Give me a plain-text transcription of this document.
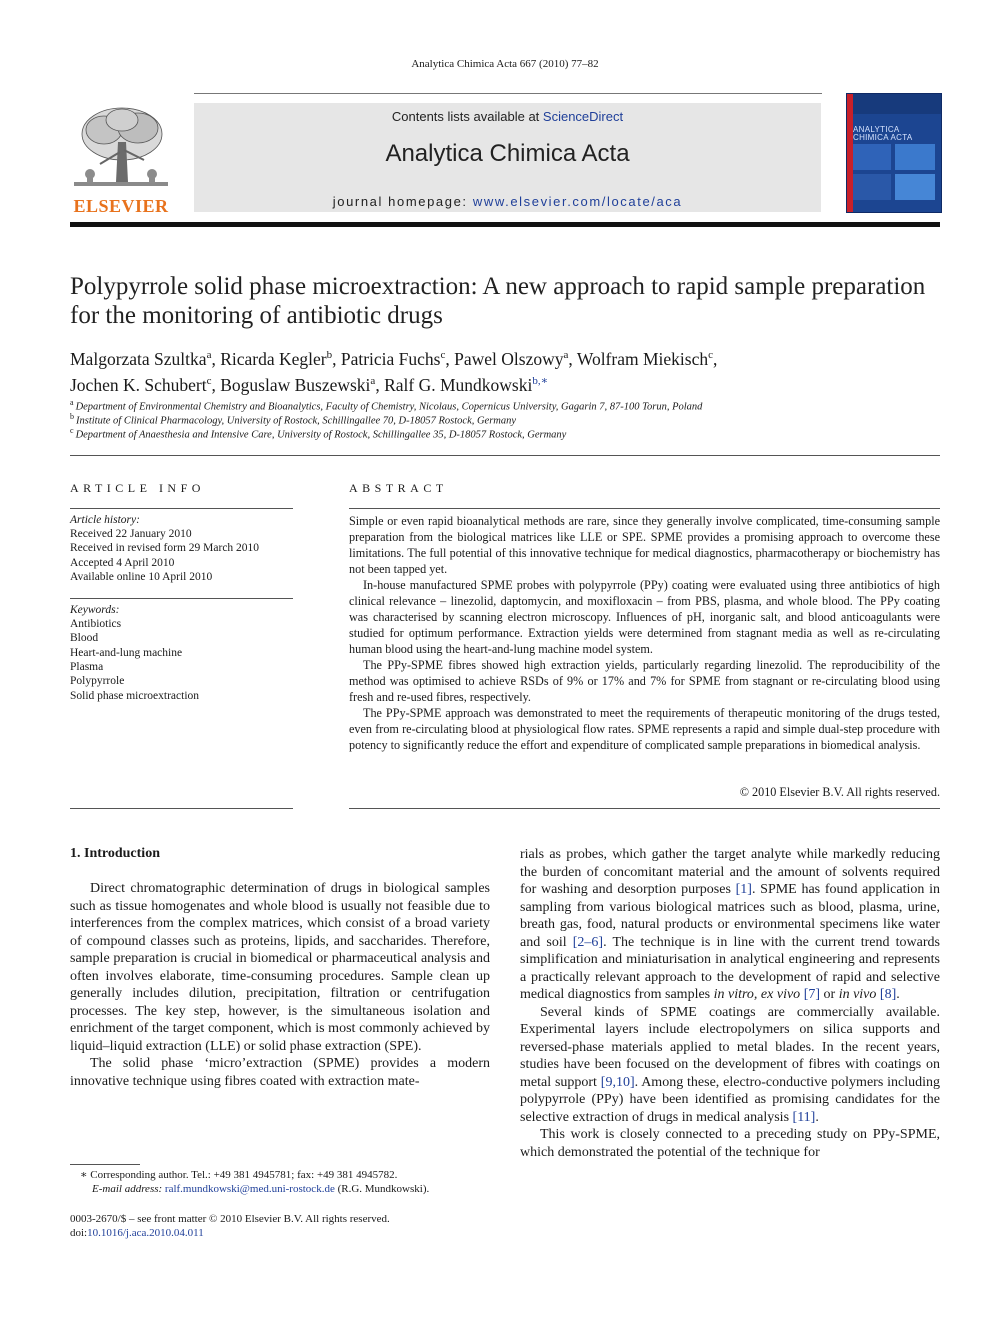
Analytica Chimica Acta 667 (2010) 77–82
ELSEVIER
Contents lists available at ScienceDirect
Analytica Chimica Acta
journal homepage: www.elsevier.com/locate/aca
ANALYTICA
CHIMICA ACTA
Polypyrrole solid phase microextraction: A new approach to rapid sample preparation for the monitoring of antibiotic drugs
Malgorzata Szultka$^a$, Ricarda Kegler$^b$, Patricia Fuchs$^c$, Pawel Olszowy$^a$, Wolfram Miekisch$^c$,
Jochen K. Schubert$^c$, Boguslaw Buszewski$^a$, Ralf G. Mundkowski$^{b,∗}$
$^a$ Department of Environmental Chemistry and Bioanalytics, Faculty of Chemistry, Nicolaus, Copernicus University, Gagarin 7, 87-100 Torun, Poland
$^b$ Institute of Clinical Pharmacology, University of Rostock, Schillingallee 70, D-18057 Rostock, Germany
$^c$ Department of Anaesthesia and Intensive Care, University of Rostock, Schillingallee 35, D-18057 Rostock, Germany
ARTICLE INFO
Article history:
Received 22 January 2010
Received in revised form 29 March 2010
Accepted 4 April 2010
Available online 10 April 2010
Keywords:
Antibiotics
Blood
Heart-and-lung machine
Plasma
Polypyrrole
Solid phase microextraction
ABSTRACT

Simple or even rapid bioanalytical methods are rare, since they generally involve complicated, time-consuming sample preparation from the biological matrices like LLE or SPE. SPME provides a promising approach to overcome these limitations. The full potential of this innovative technique for medical diagnostics, pharmacotherapy or biochemistry has not been tapped yet.

In-house manufactured SPME probes with polypyrrole (PPy) coating were evaluated using three antibiotics of high clinical relevance – linezolid, daptomycin, and moxifloxacin – from PBS, plasma, and whole blood. The PPy coating was characterised by scanning electron microscopy. Influences of pH, inorganic salt, and blood anticoagulants were studied for optimum performance. Extraction yields were determined from stagnant media as well as re-circulating human blood using the heart-and-lung machine model system.

The PPy-SPME fibres showed high extraction yields, particularly regarding linezolid. The reproducibility of the method was optimised to achieve RSDs of 9% or 17% and 7% for SPME from stagnant or re-circulating blood using fresh and re-used fibres, respectively.

The PPy-SPME approach was demonstrated to meet the requirements of therapeutic monitoring of the drugs tested, even from re-circulating blood at physiological flow rates. SPME represents a rapid and simple dual-step procedure with potency to significantly reduce the effort and expenditure of complicated sample preparations in biomedical analysis.

© 2010 Elsevier B.V. All rights reserved.
1. Introduction

Direct chromatographic determination of drugs in biological samples such as tissue homogenates and whole blood is usually not feasible due to interferences from the complex matrices, which consist of a broad variety of compound classes such as proteins, lipids, and saccharides. Therefore, sample preparation is crucial in biomedical or pharmaceutical analysis and often involves elaborate, time-consuming procedures. Sample clean up generally includes dilution, precipitation, filtration or centrifugation processes. The key step, however, is the simultaneous isolation and enrichment of the target component, which is most commonly achieved by liquid–liquid extraction (LLE) or solid phase extraction (SPE).

The solid phase ‘micro’extraction (SPME) provides a modern innovative technique using fibres coated with extraction mate-

rials as probes, which gather the target analyte while markedly reducing the burden of concomitant material and the amount of solvents required for washing and desorption purposes [1]. SPME has found application in sampling from various biological matrices such as blood, plasma, urine, breath gas, food, natural products or environmental specimens like water and soil [2–6]. The technique is in line with the current trend towards simplification and miniaturisation in analytical engineering and represents a practically relevant approach to the development of rapid and selective medical diagnostics from samples in vitro, ex vivo [7] or in vivo [8].

Several kinds of SPME coatings are commercially available. Experimental layers include electropolymers on silica supports and reversed-phase materials applied to metal blades. In the recent years, studies have been focused on the development of fibres with coatings on metal support [9,10]. Among these, electro-conductive polymers including polypyrrole (PPy) have been identified as promising candidates for the selective extraction of drugs in medical analysis [11].

This work is closely connected to a preceding study on PPy-SPME, which demonstrated the potential of the technique for

∗ Corresponding author. Tel.: +49 381 4945781; fax: +49 381 4945782.
E-mail address: ralf.mundkowski@med.uni-rostock.de (R.G. Mundkowski).
0003-2670/$ – see front matter © 2010 Elsevier B.V. All rights reserved.
doi:10.1016/j.aca.2010.04.011
